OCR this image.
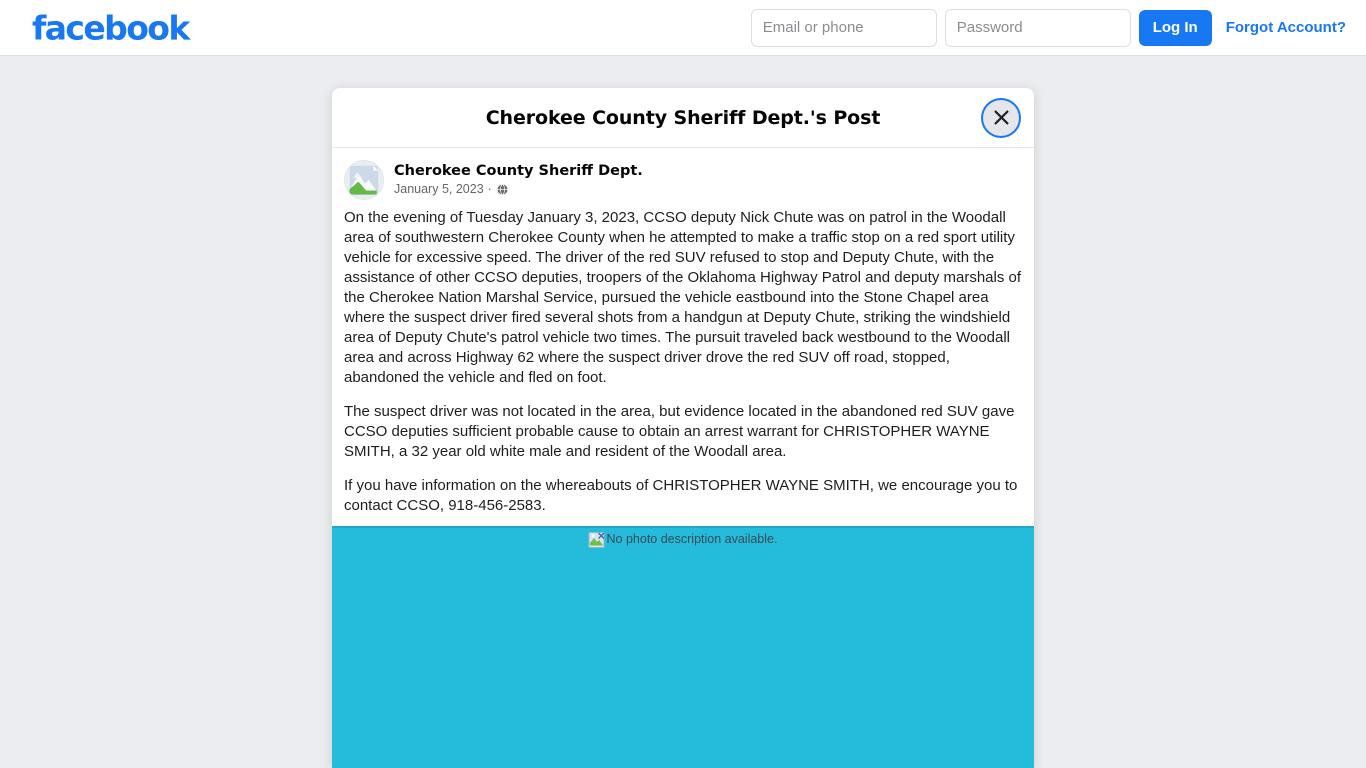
facebook
Email or phone	Log In	Forgot Account?
Cherokee County Sheriff Dept.'s Post
Cherokee County Sheriff Dept.
January 5, 2023 ·

On the evening of Tuesday January 3, 2023, CCSO deputy Nick Chute was on patrol in the Woodall area of southwestern Cherokee County when he attempted to make a traffic stop on a red sport utility vehicle for excessive speed. The driver of the red SUV refused to stop and Deputy Chute, with the assistance of other CCSO deputies, troopers of the Oklahoma Highway Patrol and deputy marshals of the Cherokee Nation Marshal Service, pursued the vehicle eastbound into the Stone Chapel area where the suspect driver fired several shots from a handgun at Deputy Chute, striking the windshield area of Deputy Chute's patrol vehicle two times. The pursuit traveled back westbound to the Woodall area and across Highway 62 where the suspect driver drove the red SUV off road, stopped, abandoned the vehicle and fled on foot.

The suspect driver was not located in the area, but evidence located in the abandoned red SUV gave CCSO deputies sufficient probable cause to obtain an arrest warrant for CHRISTOPHER WAYNE SMITH, a 32 year old white male and resident of the Woodall area.

If you have information on the whereabouts of CHRISTOPHER WAYNE SMITH, we encourage you to contact CCSO, 918-456-2583.

No photo description available.
